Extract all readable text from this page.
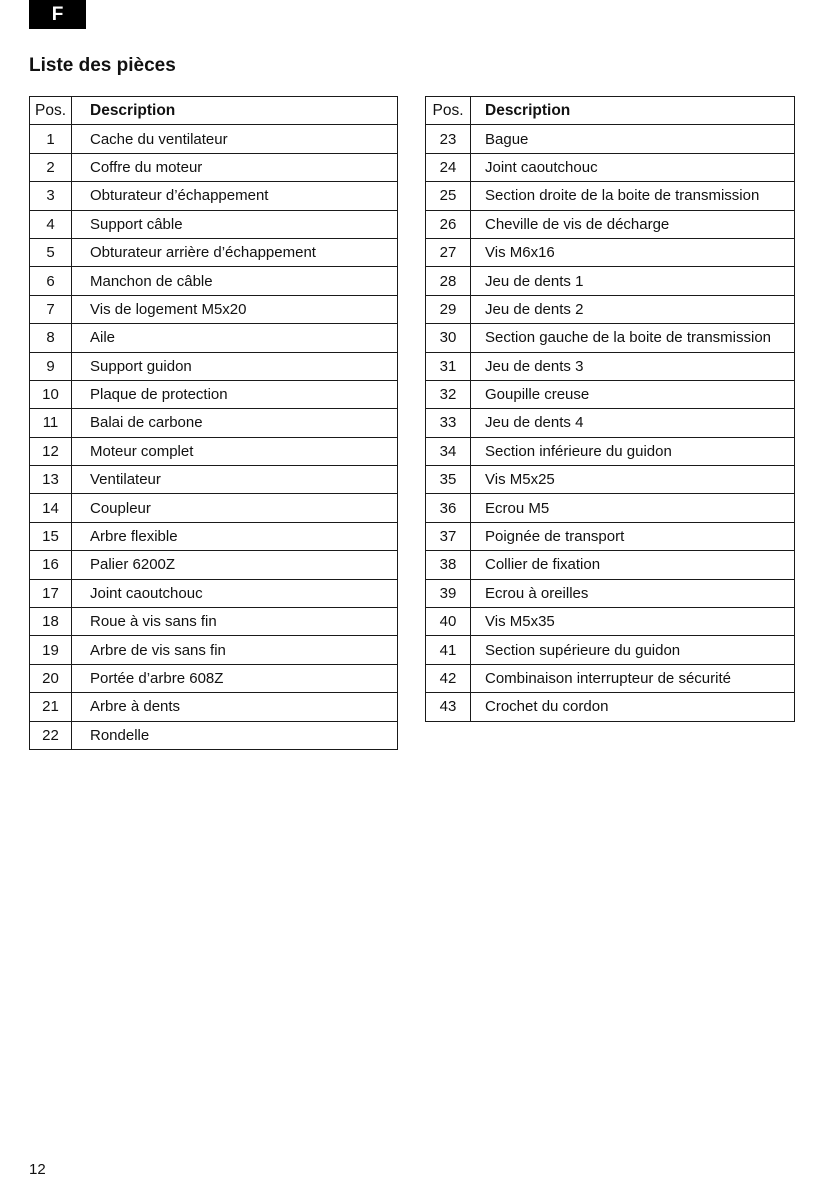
F
Liste des pièces
Pos.	Description
1	Cache du ventilateur
2	Coffre du moteur
3	Obturateur d’échappement
4	Support câble
5	Obturateur arrière d’échappement
6	Manchon de câble
7	Vis de logement M5x20
8	Aile
9	Support guidon
10	Plaque de protection
11	Balai de carbone
12	Moteur complet
13	Ventilateur
14	Coupleur
15	Arbre flexible
16	Palier 6200Z
17	Joint caoutchouc
18	Roue à vis sans fin
19	Arbre de vis sans fin
20	Portée d’arbre 608Z
21	Arbre à dents
22	Rondelle
Pos.	Description
23	Bague
24	Joint caoutchouc
25	Section droite de la boite de transmission
26	Cheville de vis de décharge
27	Vis M6x16
28	Jeu de dents 1
29	Jeu de dents 2
30	Section gauche de la boite de transmission
31	Jeu de dents 3
32	Goupille creuse
33	Jeu de dents 4
34	Section inférieure du guidon
35	Vis M5x25
36	Ecrou M5
37	Poignée de transport
38	Collier de fixation
39	Ecrou à oreilles
40	Vis M5x35
41	Section supérieure du guidon
42	Combinaison interrupteur de sécurité
43	Crochet du cordon
12
